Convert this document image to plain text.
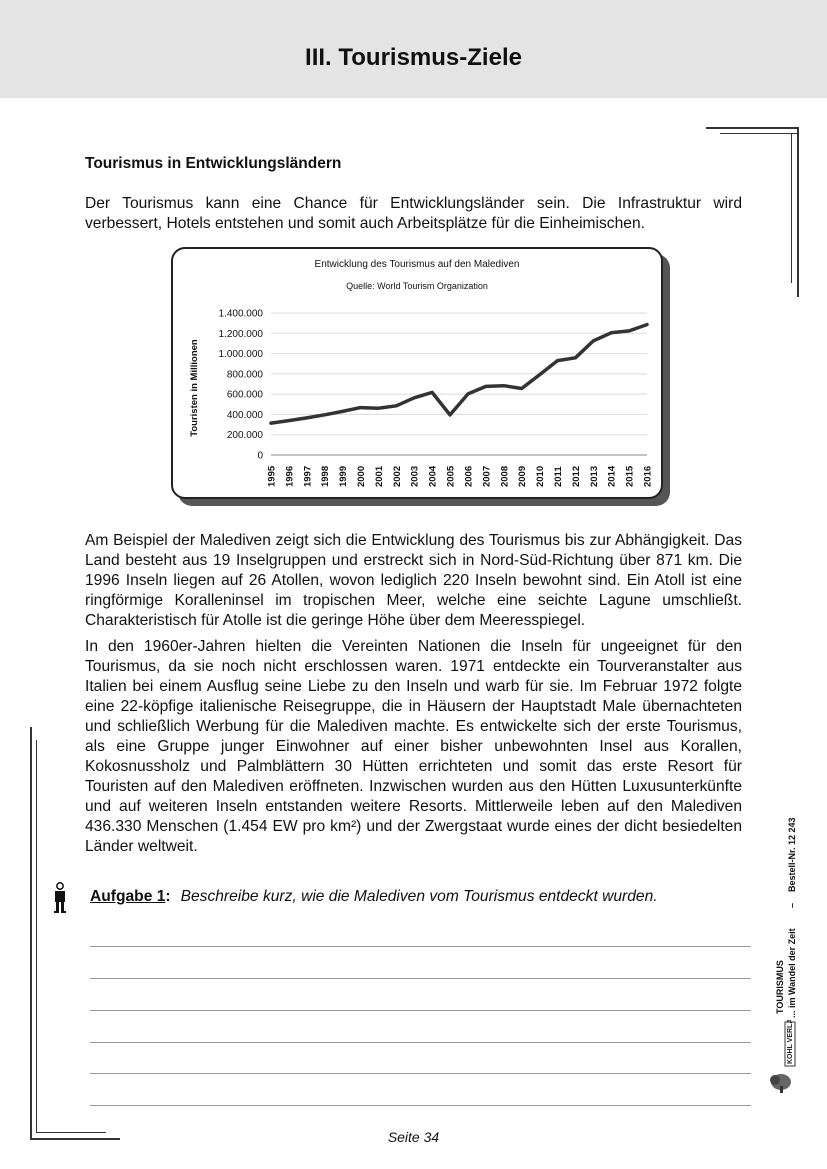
III. Tourismus-Ziele
Tourismus in Entwicklungsländern

Der Tourismus kann eine Chance für Entwicklungsländer sein. Die Infrastruktur wird verbessert, Hotels entstehen und somit auch Arbeitsplätze für die Einheimischen.

Entwicklung des Tourismus auf den Malediven
Quelle: World Tourism Organization
0
200.000
400.000
600.000
800.000
1.000.000
1.200.000
1.400.000
1995 1996 1997 1998 1999 2000 2001 2002 2003 2004 2005 2006 2007 2008 2009 2010 2011 2012 2013 2014 2015 2016
Touristen in Millionen

Am Beispiel der Malediven zeigt sich die Entwicklung des Tourismus bis zur Abhängigkeit. Das Land besteht aus 19 Inselgruppen und erstreckt sich in Nord-Süd-Richtung über 871 km. Die 1996 Inseln liegen auf 26 Atollen, wovon lediglich 220 Inseln bewohnt sind. Ein Atoll ist eine ringförmige Koralleninsel im tropischen Meer, welche eine seichte Lagune umschließt. Charakteristisch für Atolle ist die geringe Höhe über dem Meeresspiegel.

In den 1960er-Jahren hielten die Vereinten Nationen die Inseln für ungeeignet für den Tourismus, da sie noch nicht erschlossen waren. 1971 entdeckte ein Tourveranstalter aus Italien bei einem Ausflug seine Liebe zu den Inseln und warb für sie. Im Februar 1972 folgte eine 22-köpfige italienische Reisegruppe, die in Häusern der Hauptstadt Male übernachteten und schließlich Werbung für die Malediven machte. Es entwickelte sich der erste Tourismus, als eine Gruppe junger Einwohner auf einer bisher unbewohnten Insel aus Korallen, Kokosnussholz und Palmblättern 30 Hütten errichteten und somit das erste Resort für Touristen auf den Malediven eröffneten. Inzwischen wurden aus den Hütten Luxusunterkünfte und auf weiteren Inseln entstanden weitere Resorts. Mittlerweile leben auf den Malediven 436.330 Menschen (1.454 EW pro km²) und der Zwergstaat wurde eines der dicht besiedelten Länder weltweit.

Aufgabe 1: Beschreibe kurz, wie die Malediven vom Tourismus entdeckt wurden.
Seite 34
Bestell-Nr. 12 243
–
... im Wandel der Zeit
TOURISMUS
KOHL VERLAG
